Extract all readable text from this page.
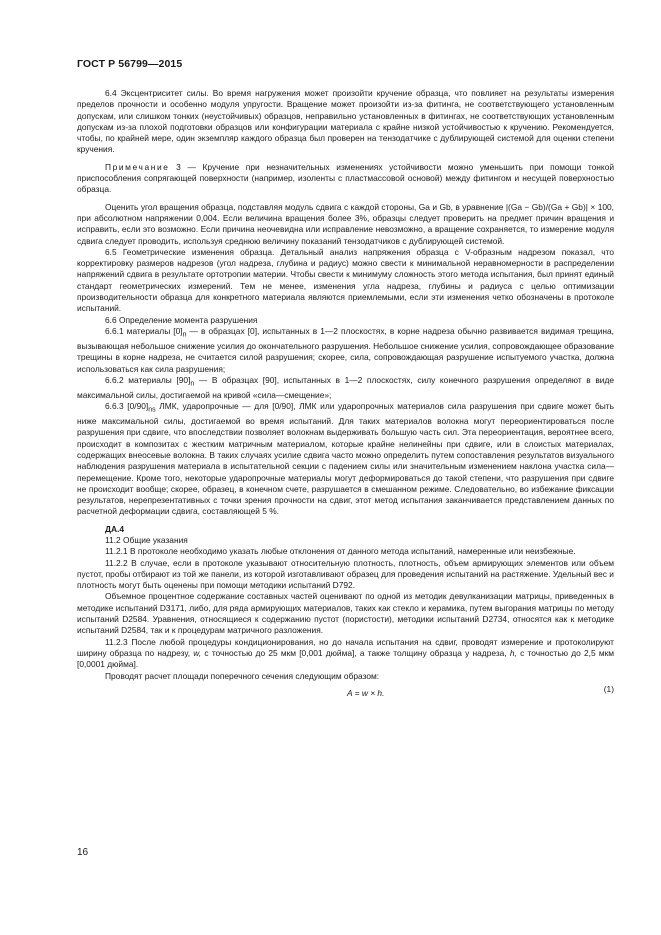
ГОСТ Р 56799—2015

6.4 Эксцентриситет силы. Во время нагружения может произойти кручение образца, что повлияет на результаты измерения пределов прочности и особенно модуля упругости. Вращение может произойти из-за фитинга, не соответствующего установленным допускам, или слишком тонких (неустойчивых) образцов, неправильно установленных в фитингах, не соответствующих установленным допускам из-за плохой подготовки образцов или конфигурации материала с крайне низкой устойчивостью к кручению. Рекомендуется, чтобы, по крайней мере, один экземпляр каждого образца был проверен на тензодатчике с дублирующей системой для оценки степени кручения.

Примечание 3 — Кручение при незначительных изменениях устойчивости можно уменьшить при помощи тонкой приспособления сопрягающей поверхности (например, изоленты с пластмассовой основой) между фитингом и несущей поверхностью образца.

Оценить угол вращения образца, подставляя модуль сдвига с каждой стороны, Ga и Gb, в уравнение |(Ga − Gb)/(Ga + Gb)| × 100, при абсолютном напряжении 0,004. Если величина вращения более 3%, образцы следует проверить на предмет причин вращения и исправить, если это возможно. Если причина неочевидна или исправление невозможно, а вращение сохраняется, то измерение модуля сдвига следует проводить, используя среднюю величину показаний тензодатчиков с дублирующей системой.

6.5 Геометрические изменения образца. Детальный анализ напряжения образца с V-образным надрезом показал, что корректировку размеров надрезов (угол надреза, глубина и радиус) можно свести к минимальной неравномерности в распределении напряжений сдвига в результате ортотропии материи. Чтобы свести к минимуму сложность этого метода испытания, был принят единый стандарт геометрических измерений. Тем не менее, изменения угла надреза, глубины и радиуса с целью оптимизации производительности образца для конкретного материала являются приемлемыми, если эти изменения четко обозначены в протоколе испытаний.

6.6 Определение момента разрушения

6.6.1 материалы $[0]_n$ — в образцах [0], испытанных в 1—2 плоскостях, в корне надреза обычно развивается видимая трещина, вызывающая небольшое снижение усилия до окончательного разрушения. Небольшое снижение усилия, сопровождающее образование трещины в корне надреза, не считается силой разрушения; скорее, сила, сопровождающая разрушение испытуемого участка, должна использоваться как сила разрушения;

6.6.2 материалы $[90]_n$ — В образцах [90], испытанных в 1—2 плоскостях, силу конечного разрушения определяют в виде максимальной силы, достигаемой на кривой «сила—смещение»;

6.6.3 $[0/90]_{ns}$ ЛМК, ударопрочные — для [0/90], ЛМК или ударопрочных материалов сила разрушения при сдвиге может быть ниже максимальной силы, достигаемой во время испытаний. Для таких материалов волокна могут переориентироваться после разрушения при сдвиге, что впоследствии позволяет волокнам выдерживать большую часть сил. Эта переориентация, вероятнее всего, происходит в композитах с жестким матричным материалом, которые крайне нелинейны при сдвиге, или в слоистых материалах, содержащих внеосевые волокна. В таких случаях усилие сдвига часто можно определить путем сопоставления результатов визуального наблюдения разрушения материала в испытательной секции с падением силы или значительным изменением наклона участка сила—перемещение. Кроме того, некоторые ударопрочные материалы могут деформироваться до такой степени, что разрушения при сдвиге не происходит вообще; скорее, образец, в конечном счете, разрушается в смешанном режиме. Следовательно, во избежание фиксации результатов, нерепрезентативных с точки зрения прочности на сдвиг, этот метод испытания заканчивается представлением данных по расчетной деформации сдвига, составляющей 5 %.

ДА.4

11.2 Общие указания

11.2.1 В протоколе необходимо указать любые отклонения от данного метода испытаний, намеренные или неизбежные.

11.2.2 В случае, если в протоколе указывают относительную плотность, плотность, объем армирующих элементов или объем пустот, пробы отбирают из той же панели, из которой изготавливают образец для проведения испытаний на растяжение. Удельный вес и плотность могут быть оценены при помощи методики испытаний D792.

Объемное процентное содержание составных частей оценивают по одной из методик девулканизации матрицы, приведенных в методике испытаний D3171, либо, для ряда армирующих материалов, таких как стекло и керамика, путем выгорания матрицы по методу испытаний D2584. Уравнения, относящиеся к содержанию пустот (пористости), методики испытаний D2734, относятся как к методике испытаний D2584, так и к процедурам матричного разложения.

11.2.3 После любой процедуры кондиционирования, но до начала испытания на сдвиг, проводят измерение и протоколируют ширину образца по надрезу, w, с точностью до 25 мкм [0,001 дюйма], а также толщину образца у надреза, h, с точностью до 2,5 мкм [0,0001 дюйма].

Проводят расчет площади поперечного сечения следующим образом:

A = w × h.	(1)
16
